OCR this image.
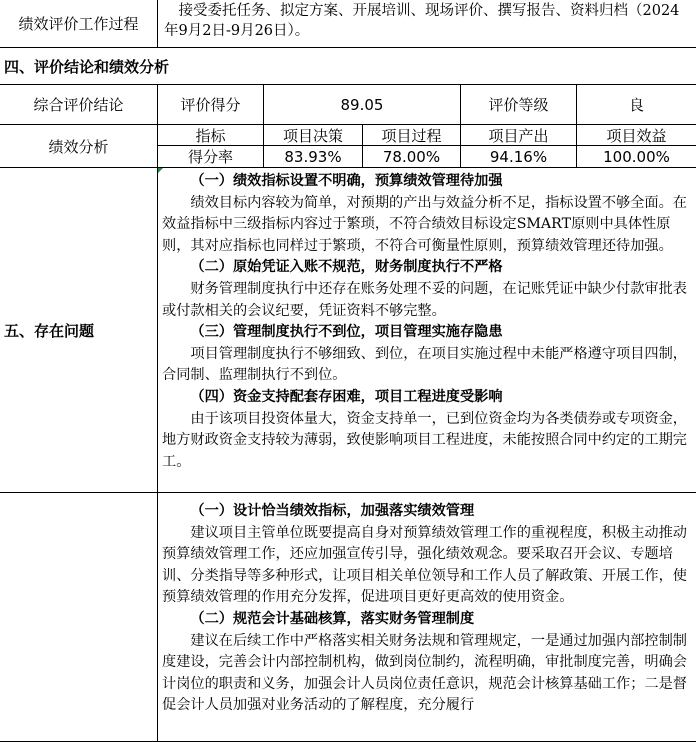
绩效评价工作过程

接受委托任务、拟定方案、开展培训、现场评价、撰写报告、资料归档（2024年9月2日-9月26日）。

四、评价结论和绩效分析
综合评价结论	评价得分	89.05	评价等级	良
绩效分析
指标	项目决策	项目过程	项目产出	项目效益
得分率	83.93%	78.00%	94.16%	100.00%
五、存在问题

（一）绩效指标设置不明确，预算绩效管理待加强

绩效目标内容较为简单，对预期的产出与效益分析不足，指标设置不够全面。在效益指标中三级指标内容过于繁琐，不符合绩效目标设定SMART原则中具体性原则，其对应指标也同样过于繁琐，不符合可衡量性原则，预算绩效管理还待加强。

（二）原始凭证入账不规范，财务制度执行不严格

财务管理制度执行中还存在账务处理不妥的问题，在记账凭证中缺少付款审批表或付款相关的会议纪要，凭证资料不够完整。

（三）管理制度执行不到位，项目管理实施存隐患

项目管理制度执行不够细致、到位，在项目实施过程中未能严格遵守项目四制，合同制、监理制执行不到位。

（四）资金支持配套存困难，项目工程进度受影响

由于该项目投资体量大，资金支持单一，已到位资金均为各类债券或专项资金，地方财政资金支持较为薄弱，致使影响项目工程进度，未能按照合同中约定的工期完工。

（一）设计恰当绩效指标，加强落实绩效管理

建议项目主管单位既要提高自身对预算绩效管理工作的重视程度，积极主动推动预算绩效管理工作，还应加强宣传引导，强化绩效观念。要采取召开会议、专题培训、分类指导等多种形式，让项目相关单位领导和工作人员了解政策、开展工作，使预算绩效管理的作用充分发挥，促进项目更好更高效的使用资金。

（二）规范会计基础核算，落实财务管理制度

建议在后续工作中严格落实相关财务法规和管理规定，一是通过加强内部控制制度建设，完善会计内部控制机构，做到岗位制约，流程明确，审批制度完善，明确会计岗位的职责和义务，加强会计人员岗位责任意识，规范会计核算基础工作；二是督促会计人员加强对业务活动的了解程度，充分履行
